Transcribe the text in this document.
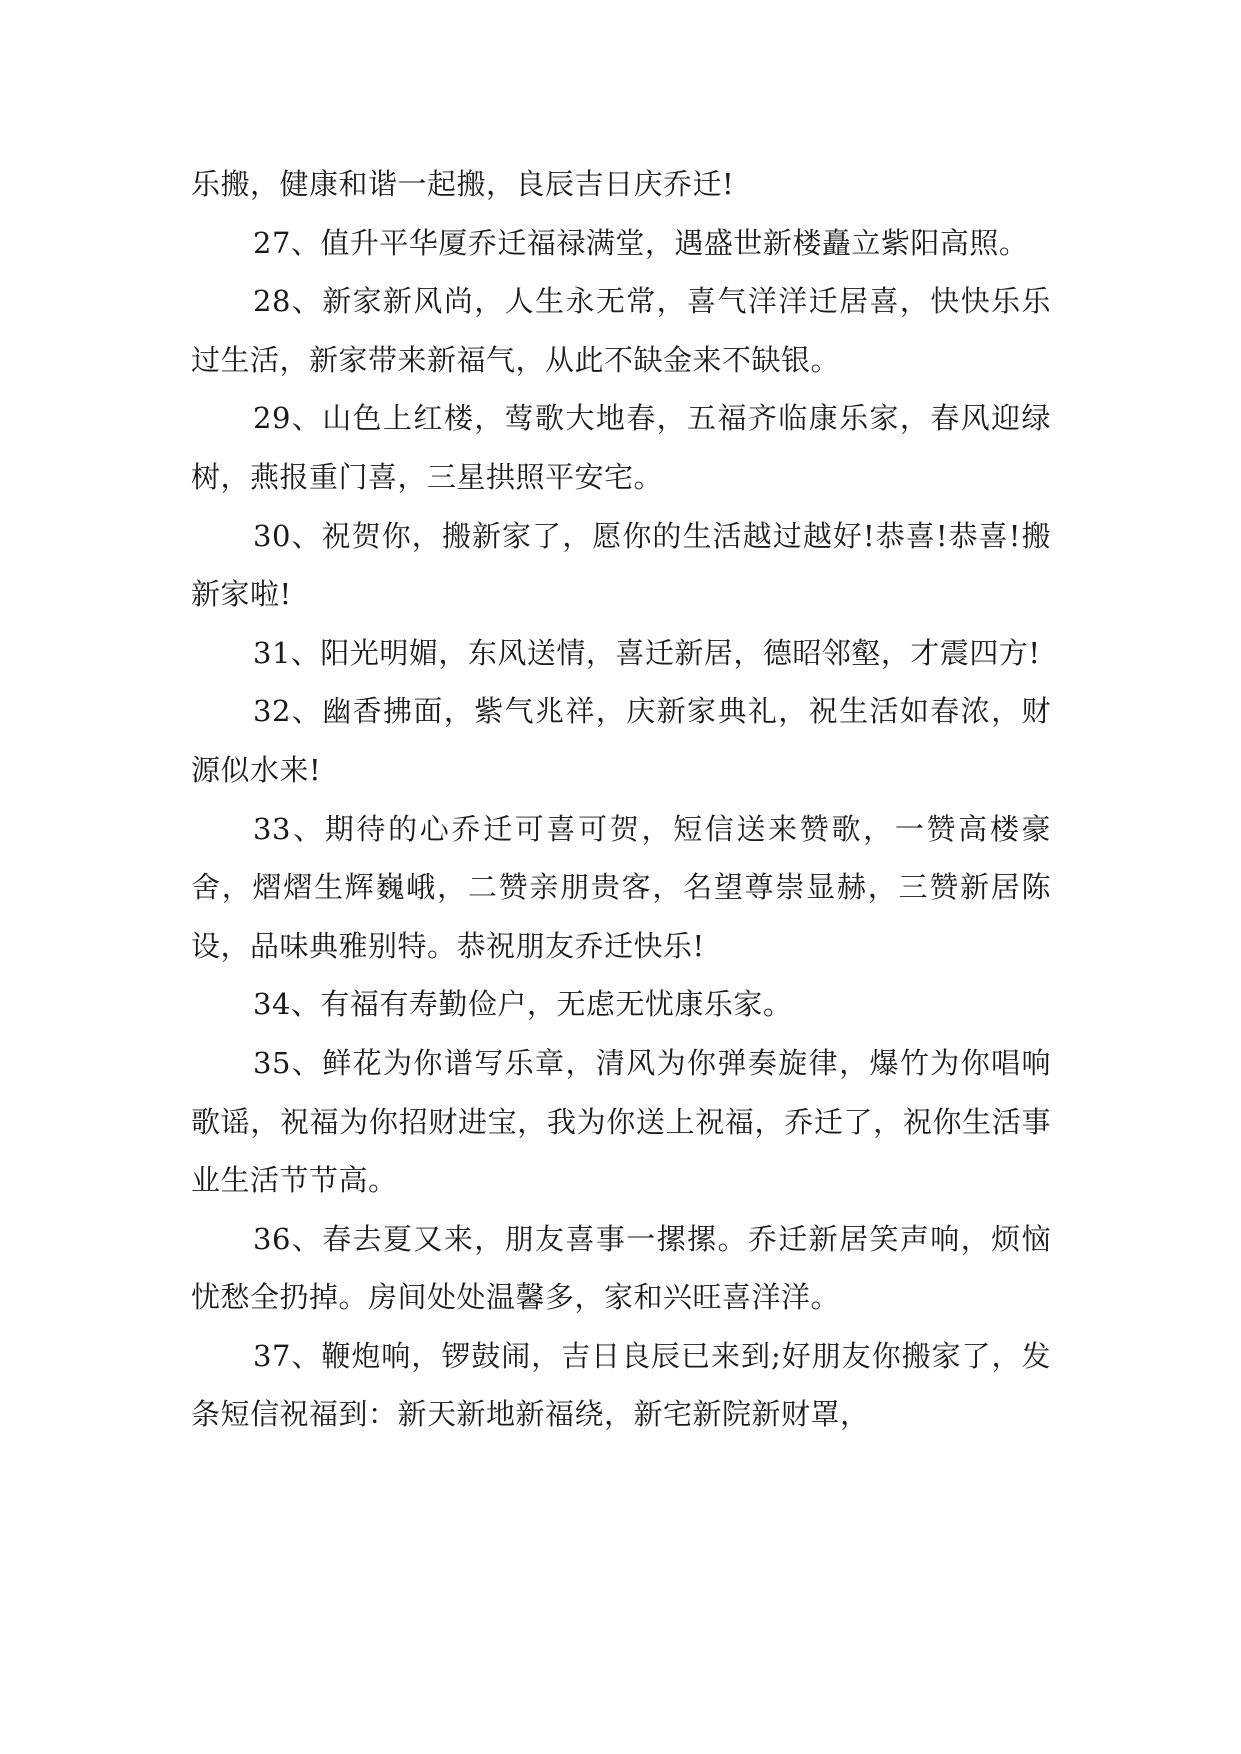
乐搬，健康和谐一起搬，良辰吉日庆乔迁!

27、值升平华厦乔迁福禄满堂，遇盛世新楼矗立紫阳高照。

28、新家新风尚，人生永无常，喜气洋洋迁居喜，快快乐乐过生活，新家带来新福气，从此不缺金来不缺银。

29、山色上红楼，莺歌大地春，五福齐临康乐家，春风迎绿树，燕报重门喜，三星拱照平安宅。

30、祝贺你，搬新家了，愿你的生活越过越好!恭喜!恭喜!搬新家啦!

31、阳光明媚，东风送情，喜迁新居，德昭邻壑，才震四方!

32、幽香拂面，紫气兆祥，庆新家典礼，祝生活如春浓，财源似水来!

33、期待的心乔迁可喜可贺，短信送来赞歌，一赞高楼豪舍，熠熠生辉巍峨，二赞亲朋贵客，名望尊崇显赫，三赞新居陈设，品味典雅别特。恭祝朋友乔迁快乐!

34、有福有寿勤俭户，无虑无忧康乐家。

35、鲜花为你谱写乐章，清风为你弹奏旋律，爆竹为你唱响歌谣，祝福为你招财进宝，我为你送上祝福，乔迁了，祝你生活事业生活节节高。

36、春去夏又来，朋友喜事一摞摞。乔迁新居笑声响，烦恼忧愁全扔掉。房间处处温馨多，家和兴旺喜洋洋。

37、鞭炮响，锣鼓闹，吉日良辰已来到;好朋友你搬家了，发条短信祝福到：新天新地新福绕，新宅新院新财罩，
